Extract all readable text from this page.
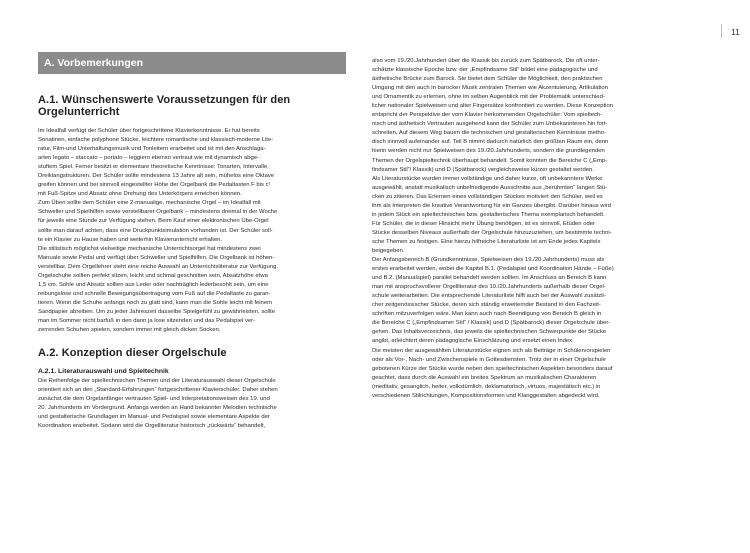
11
A. Vorbemerkungen
A.1. Wünschenswerte Voraussetzungen für den Orgelunterricht

Im Idealfall verfügt der Schüler über fortgeschrittene Klavierkenntnisse. Er hat bereits
Sonatinen, einfache polyphone Stücke, leichtere romantische und klassisch-moderne Lite-
ratur, Film-und Unterhaltungsmusik und Tonleitern erarbeitet und ist mit den Anschlaga-
arten legato – staccato – portato – leggiero ebenso vertraut wie mit dynamisch abge-
stuftem Spiel. Ferner besitzt er elementare theoretische Kenntnisse: Tonarten, Intervalle,
Dreiklangstrukturen. Der Schüler sollte mindestens 13 Jahre alt sein, mühelos eine Oktave
greifen können und bei sinnvoll eingestellter Höhe der Orgelbank die Pedaltasten F bis c¹
mit Fuß-Spitze und Absatz ohne Drehung des Unterkörpers erreichen können.
Zum Üben sollte dem Schüler eine 2-manualige, mechanische Orgel – im Idealfall mit
Schweller und Spielhilfen sowie verstellbarer Orgelbank – mindestens dreimal in der Woche
für jeweils eine Stunde zur Verfügung stehen. Beim Kauf einer elektronischen Übe-Orgel
sollte man darauf achten, dass eine Druckpunktsimulation vorhanden ist. Der Schüler soll-
te ein Klavier zu Hause haben und weiterhin Klavierunterricht erhalten.
Die stilistisch möglichst vielseitige mechanische Unterrichtsorgel hat mindestens zwei
Manuale sowie Pedal und verfügt über Schweller und Spielhilfen. Die Orgelbank ist höhen-
verstellbar. Dem Orgellehrer steht eine reiche Auswahl an Unterrichtsliteratur zur Verfügung.
Orgelschuhe sollten perfekt sitzen, leicht und schmal geschnitten sein, Absatzhöhe etwa
1,5 cm. Sohle und Absatz sollten aus Leder oder nachträglich lederbesohlt sein, um eine
reibungslose und schnelle Bewegungsübertragung vom Fuß auf die Pedaltaste zu garan-
tieren. Wenn die Schuhe anfangs noch zu glatt sind, kann man die Sohle leicht mit feinem
Sandpapier abreiben. Um zu jeder Jahreszeit dasselbe Spielgefühl zu gewährleisten, sollte
man im Sommer nicht barfuß in den dann ja lose sitzenden und das Pedalspiel ver-
zerrenden Schuhen spielen, sondern immer mit gleich dicken Socken.

A.2. Konzeption dieser Orgelschule
A.2.1. Literaturauswahl und Spieltechnik

Die Reihenfolge der spieltechnischen Themen und der Literaturauswahl dieser Orgelschule
orientiert sich an den „Standard-Erfahrungen“ fortgeschrittener Klavierschüler. Daher stehen
zunächst die dem Orgelanfänger vertrauten Spiel- und Interpretationsweisen des 19. und
20. Jahrhunderts im Vordergrund. Anfangs werden an Hand bekannter Melodien technische
und gestalterische Grundlagen im Manual- und Pedalspiel sowie elementare Aspekte der
Koordination erarbeitet. Sodann wird die Orgelliteratur historisch „rückwärts“ behandelt,

also vom 19./20.Jahrhundert über die Klassik bis zurück zum Spätbarock. Die oft unter-
schätzte klassische Epoche bzw. der „Empfindsame Stil“ bildet eine pädagogische und
ästhetische Brücke zum Barock. Sie bietet dem Schüler die Möglichkeit, den praktischen
Umgang mit den auch in barocker Musik zentralen Themen wie Akzentuierung, Artikulation
und Ornamentik zu erlernen, ohne im selben Augenblick mit der Problematik unterschied-
licher nationaler Spielweisen und alter Fingersätze konfrontiert zu werden. Diese Konzeption
entspricht der Perspektive der vom Klavier herkommenden Orgelschüler: Vom spieltech-
nisch und ästhetisch Vertrauten ausgehend kann der Schüler zum Unbekannteren hin fort-
schreiten. Auf diesem Weg bauen die technischen und gestalterischen Kenntnisse metho-
disch sinnvoll aufeinander auf. Teil B nimmt dadurch natürlich den größten Raum ein, denn
hierin werden nicht nur Spielweisen des 19./20.Jahrhunderts, sondern die grundlegenden
Themen der Orgelspieltechnik überhaupt behandelt. Somit konnten die Bereiche C („Emp-
findsamer Stil“/ Klassik) und D (Spätbarock) vergleichsweise kürzer gestaltet werden.
Als Literaturstücke wurden immer vollständige und daher kurze, oft unbekanntere Werke
ausgewählt, anstatt musikalisch unbefriedigende Ausschnitte aus „berühmten“ langen Stü-
cken zu zitieren. Das Erlernen eines vollständigen Stückes motiviert den Schüler, weil es
ihm als Interpreten die kreative Verantwortung für ein Ganzes übergibt. Darüber hinaus wird
in jedem Stück ein spieltechnisches bzw. gestalterisches Thema exemplarisch behandelt.
Für Schüler, die in dieser Hinsicht mehr Übung benötigen, ist es sinnvoll, Etüden oder
Stücke desselben Niveaus außerhalb der Orgelschule hinzuzuziehen, um bestimmte techni-
sche Themen zu festigen. Eine hierzu hilfreiche Literaturliste ist am Ende jedes Kapitels
beigegeben.
Der Anfangsbereich B (Grundkenntnisse, Spielweisen des 19./20.Jahrhunderts) muss als
erstes erarbeitet werden, wobei die Kapitel B.1. (Pedalspiel und Koordination Hände – Füße)
und B.2. (Manualspiel) parallel behandelt werden sollten. Im Anschluss an Bereich B kann
man mit anspruchsvollerer Orgelliteratur des 19./20.Jahrhunderts außerhalb dieser Orgel-
schule weiterarbeiten. Die entsprechende Literaturliste hilft auch bei der Auswahl zusätzli-
cher zeitgenössischer Stücke, deren sich ständig erweiternder Bestand in den Fachzeit-
schriften mitzuverfolgen wäre. Man kann auch nach Beendigung von Bereich B gleich in
die Bereiche C („Empfindsamer Stil“ / Klassik) und D (Spätbarock) dieser Orgelschule über-
gehen. Das Inhaltsverzeichnis, das jeweils die spieltechnischen Schwerpunkte der Stücke
angibt, erleichtert deren pädagogische Einschätzung und ersetzt einen Index.
Die meisten der ausgewählten Literaturstücke eignen sich als Beiträge in Schülervorspielen
oder als Vor-, Nach- und Zwischenspiele in Gottesdiensten. Trotz der in einer Orgelschule
gebotenen Kürze der Stücke wurde neben den spieltechnischen Aspekten besonders darauf
geachtet, dass durch die Auswahl ein breites Spektrum an musikalischen Charakteren
(meditativ, gesanglich, heiter, volkstümlich, deklamatorisch, virtuos, majestätisch etc.) in
verschiedenen Stilrichtungen, Kompositionsformen und Klanggestalten abgedeckt wird.
